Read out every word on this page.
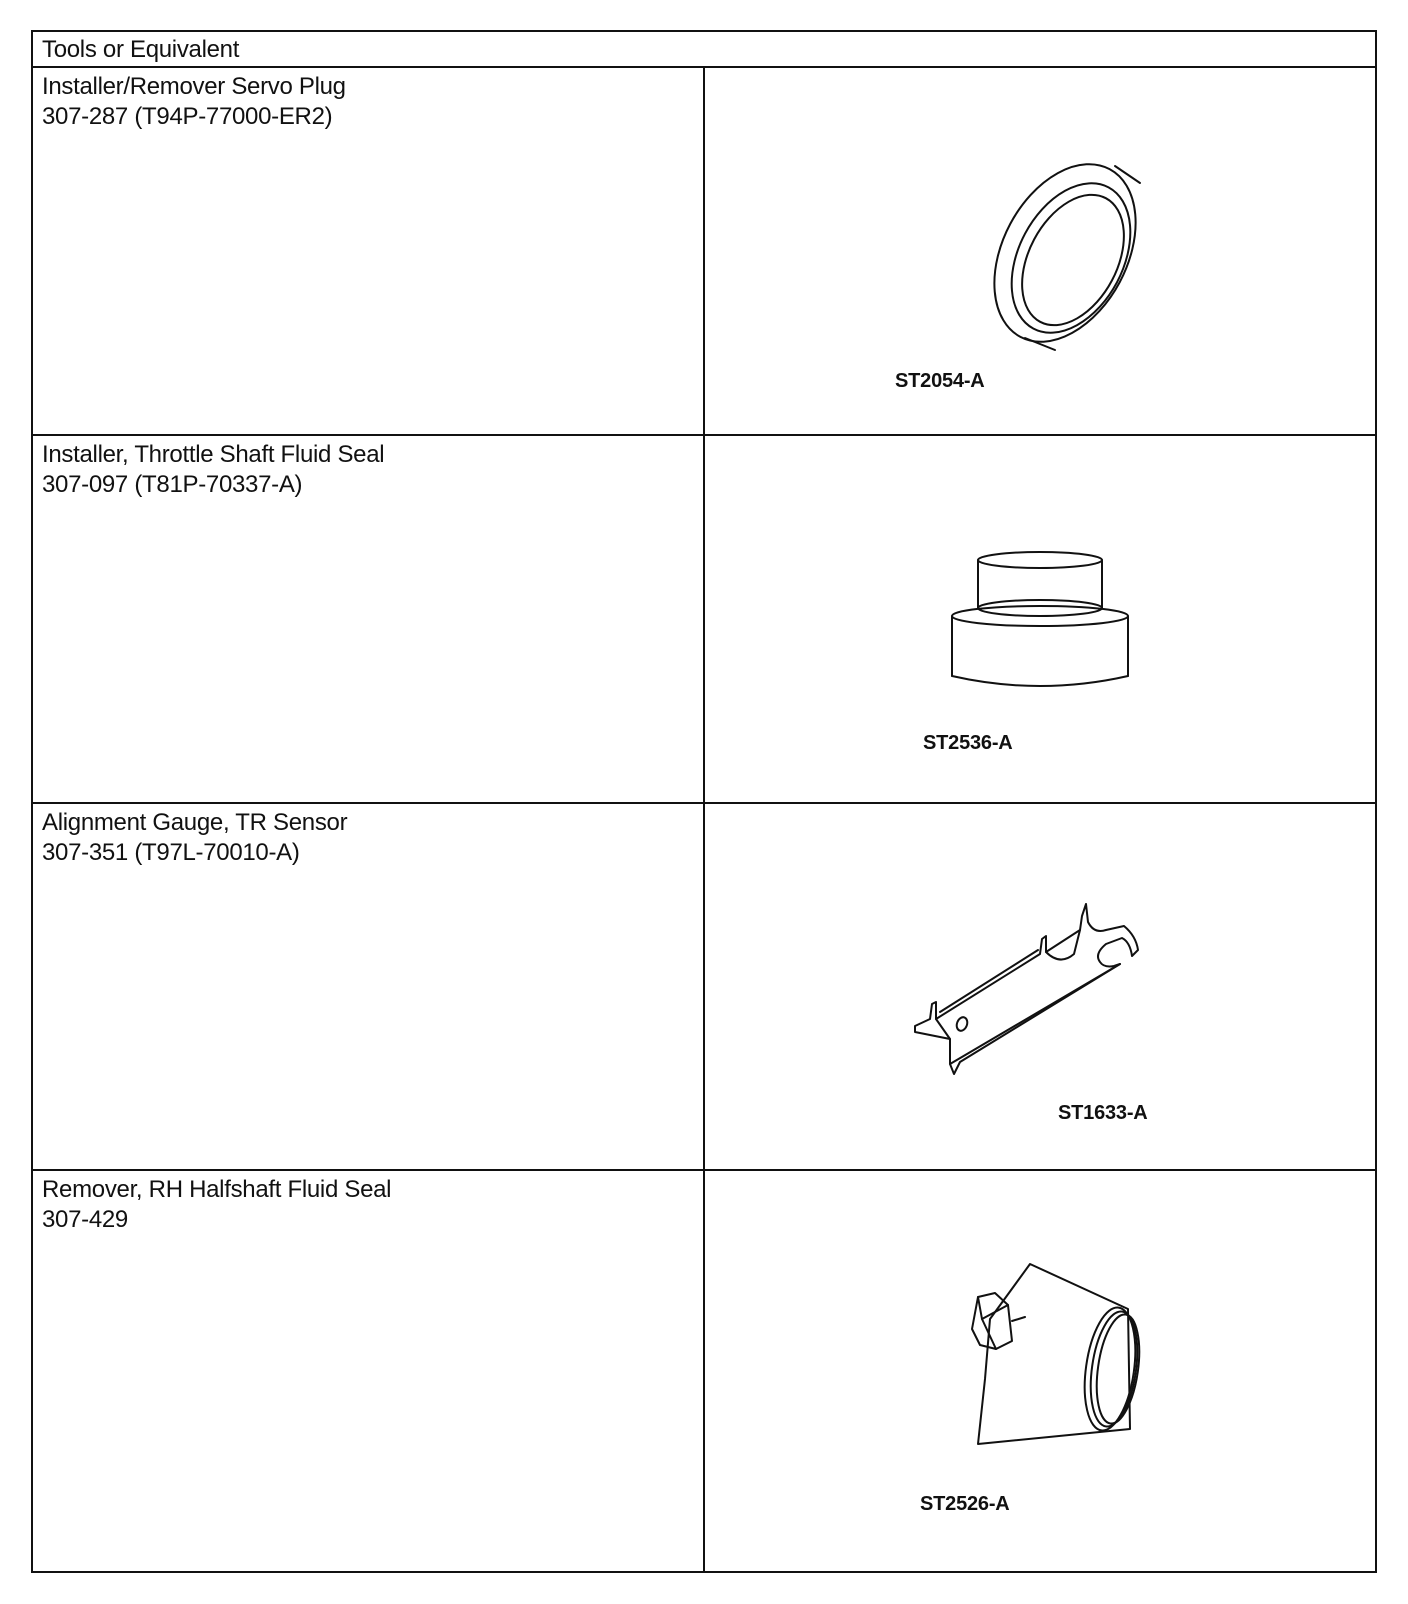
Tools or Equivalent
Installer/Remover Servo Plug
307-287 (T94P-77000-ER2)
ST2054-A
Installer, Throttle Shaft Fluid Seal
307-097 (T81P-70337-A)
ST2536-A
Alignment Gauge, TR Sensor
307-351 (T97L-70010-A)
ST1633-A
Remover, RH Halfshaft Fluid Seal
307-429
ST2526-A
